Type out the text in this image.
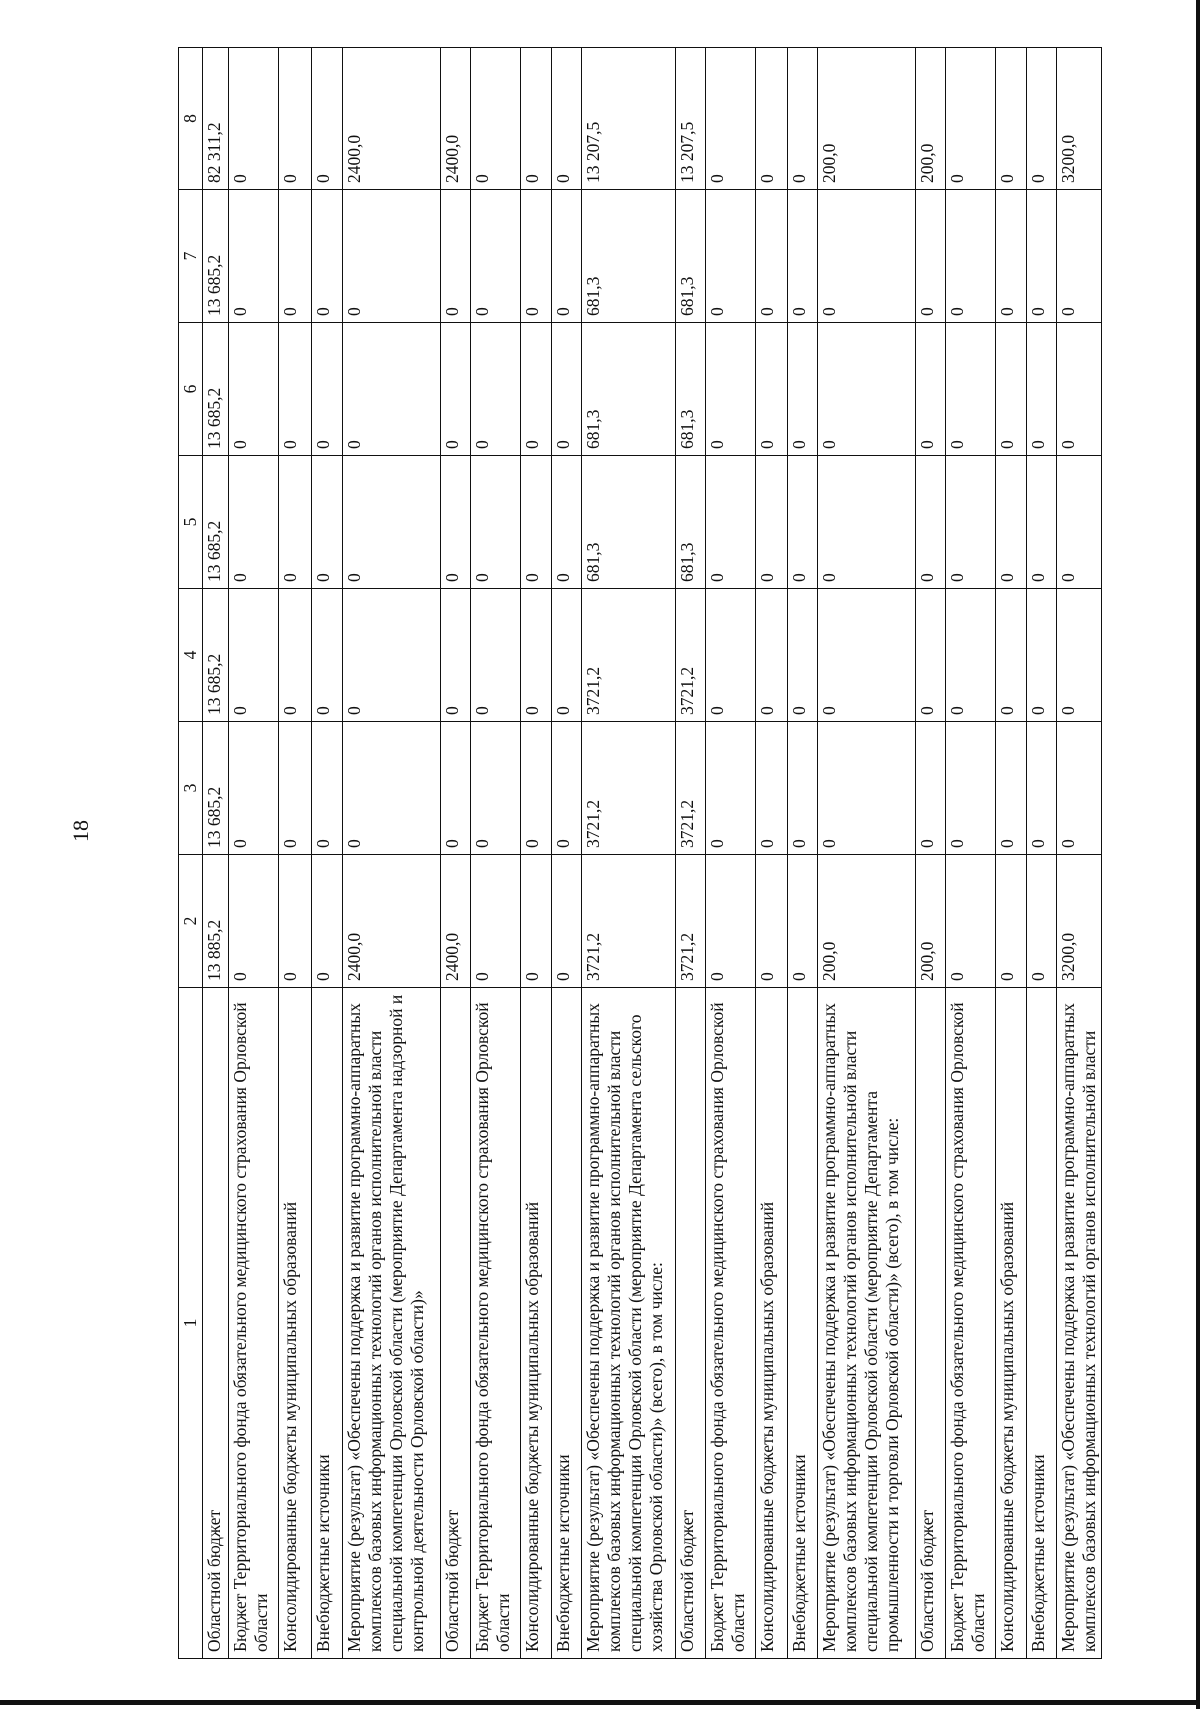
18
1	2	3	4	5	6	7	8
Областной бюджет	13 885,2	13 685,2	13 685,2	13 685,2	13 685,2	13 685,2	82 311,2
Бюджет Территориального фонда обязательного медицинского страхования Орловской области	0	0	0	0	0	0	0
Консолидированные бюджеты муниципальных образований	0	0	0	0	0	0	0
Внебюджетные источники	0	0	0	0	0	0	0
Мероприятие (результат) «Обеспечены поддержка и развитие программно-аппаратных комплексов базовых информационных технологий органов исполнительной власти специальной компетенции Орловской области (мероприятие Департамента надзорной и контрольной деятельности Орловской области)»	2400,0	0	0	0	0	0	2400,0
Областной бюджет	2400,0	0	0	0	0	0	2400,0
Бюджет Территориального фонда обязательного медицинского страхования Орловской области	0	0	0	0	0	0	0
Консолидированные бюджеты муниципальных образований	0	0	0	0	0	0	0
Внебюджетные источники	0	0	0	0	0	0	0
Мероприятие (результат) «Обеспечены поддержка и развитие программно-аппаратных комплексов базовых информационных технологий органов исполнительной власти специальной компетенции Орловской области (мероприятие Департамента сельского хозяйства Орловской области)» (всего), в том числе:	3721,2	3721,2	3721,2	681,3	681,3	681,3	13 207,5
Областной бюджет	3721,2	3721,2	3721,2	681,3	681,3	681,3	13 207,5
Бюджет Территориального фонда обязательного медицинского страхования Орловской области	0	0	0	0	0	0	0
Консолидированные бюджеты муниципальных образований	0	0	0	0	0	0	0
Внебюджетные источники	0	0	0	0	0	0	0
Мероприятие (результат) «Обеспечены поддержка и развитие программно-аппаратных комплексов базовых информационных технологий органов исполнительной власти специальной компетенции Орловской области (мероприятие Департамента промышленности и торговли Орловской области)» (всего), в том числе:	200,0	0	0	0	0	0	200,0
Областной бюджет	200,0	0	0	0	0	0	200,0
Бюджет Территориального фонда обязательного медицинского страхования Орловской области	0	0	0	0	0	0	0
Консолидированные бюджеты муниципальных образований	0	0	0	0	0	0	0
Внебюджетные источники	0	0	0	0	0	0	0
Мероприятие (результат) «Обеспечены поддержка и развитие программно-аппаратных комплексов базовых информационных технологий органов исполнительной власти	3200,0	0	0	0	0	0	3200,0
